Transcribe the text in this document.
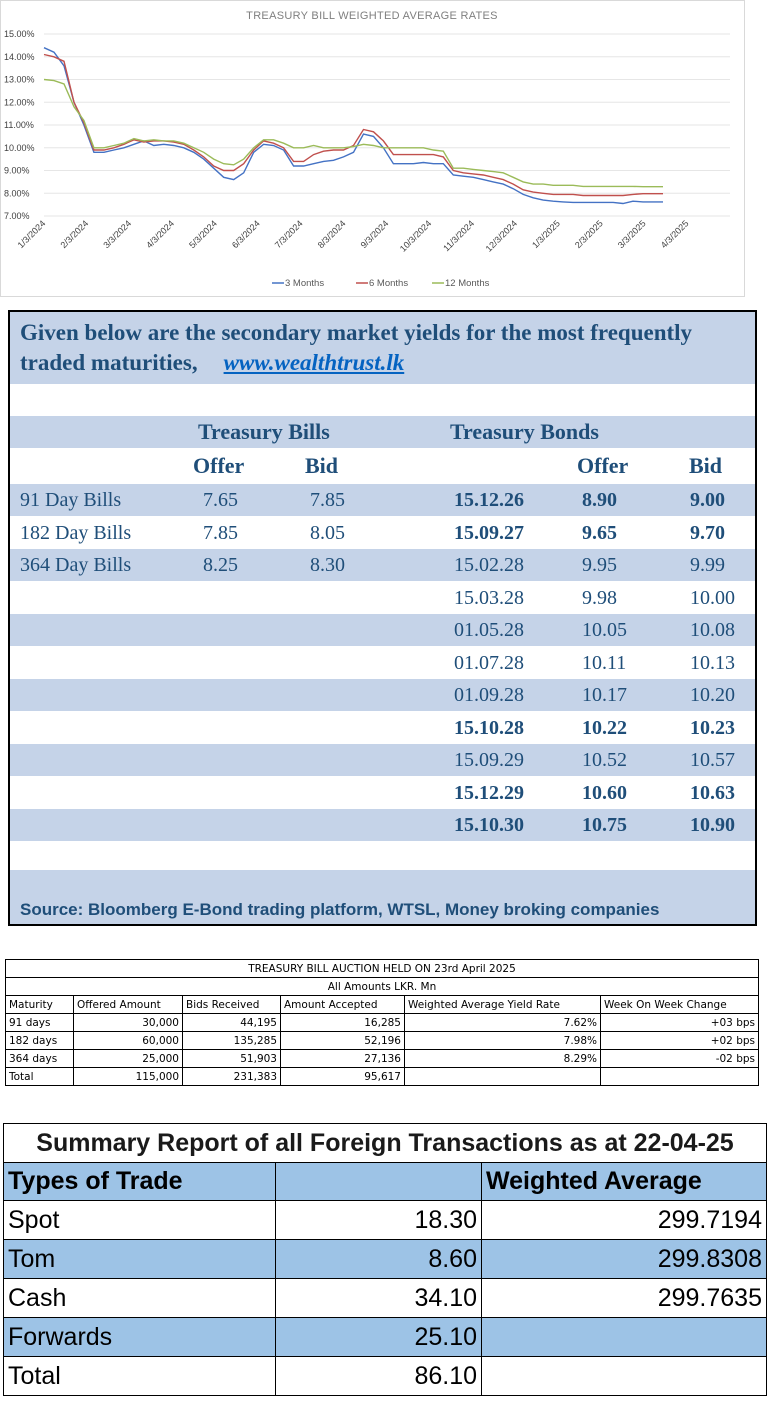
TREASURY BILL WEIGHTED AVERAGE RATES
7.00%
8.00%
9.00%
10.00%
11.00%
12.00%
13.00%
14.00%
15.00%
1/3/2024 2/3/2024 3/3/2024 4/3/2024 5/3/2024 6/3/2024 7/3/2024 8/3/2024 9/3/2024 10/3/2024 11/3/2024 12/3/2024 1/3/2025 2/3/2025 3/3/2025 4/3/2025
3 Months	6 Months	12 Months
Given below are the secondary market yields for the most frequently
traded maturities, www.wealthtrust.lk
Treasury Bills	Treasury Bonds
Offer	Bid	Offer	Bid
91 Day Bills	7.65	7.85	15.12.26	8.90	9.00
182 Day Bills	7.85	8.05	15.09.27	9.65	9.70
364 Day Bills	8.25	8.30	15.02.28	9.95	9.99
15.03.28	9.98	10.00
01.05.28	10.05	10.08
01.07.28	10.11	10.13
01.09.28	10.17	10.20
15.10.28	10.22	10.23
15.09.29	10.52	10.57
15.12.29	10.60	10.63
15.10.30	10.75	10.90
Source: Bloomberg E-Bond trading platform, WTSL, Money broking companies
TREASURY BILL AUCTION HELD ON 23rd April 2025					
All Amounts LKR. Mn					
Maturity	Offered Amount	Bids Received	Amount Accepted	Weighted Average Yield Rate	Week On Week Change
91 days	30,000	44,195	16,285	7.62%	+03 bps
182 days	60,000	135,285	52,196	7.98%	+02 bps
364 days	25,000	51,903	27,136	8.29%	-02 bps
Total	115,000	231,383	95,617		
Summary Report of all Foreign Transactions as at 22-04-25		
Types of Trade		Weighted Average
Spot	18.30	299.7194
Tom	8.60	299.8308
Cash	34.10	299.7635
Forwards	25.10	
Total	86.10	
